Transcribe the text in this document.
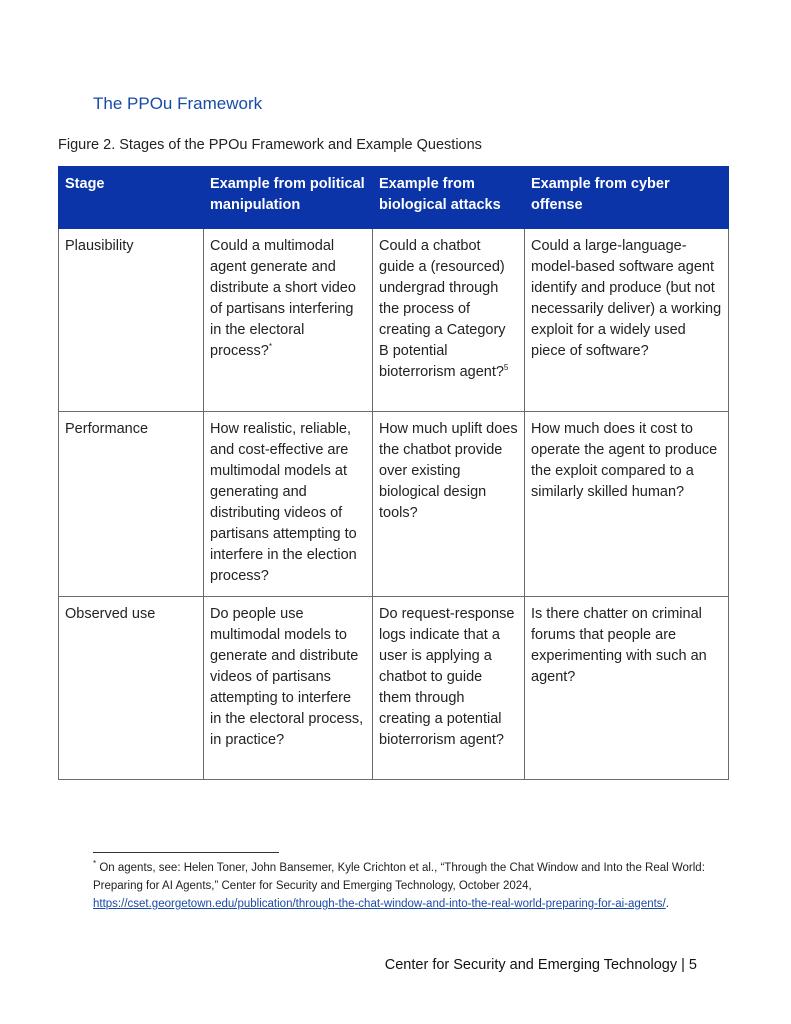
The PPOu Framework
Figure 2. Stages of the PPOu Framework and Example Questions
Stage	Example from political manipulation	Example from biological attacks	Example from cyber offense
Plausibility	Could a multimodal agent generate and distribute a short video of partisans interfering in the electoral process?*	Could a chatbot guide a (resourced) undergrad through the process of creating a Category B potential bioterrorism agent?$^5$	Could a large-language-model-based software agent identify and produce (but not necessarily deliver) a working exploit for a widely used piece of software?
Performance	How realistic, reliable, and cost-effective are multimodal models at generating and distributing videos of partisans attempting to interfere in the election process?	How much uplift does the chatbot provide over existing biological design tools?	How much does it cost to operate the agent to produce the exploit compared to a similarly skilled human?
Observed use	Do people use multimodal models to generate and distribute videos of partisans attempting to interfere in the electoral process, in practice?	Do request-response logs indicate that a user is applying a chatbot to guide them through creating a potential bioterrorism agent?	Is there chatter on criminal forums that people are experimenting with such an agent?
* On agents, see: Helen Toner, John Bansemer, Kyle Crichton et al., “Through the Chat Window and Into the Real World: Preparing for AI Agents,” Center for Security and Emerging Technology, October 2024, https://cset.georgetown.edu/publication/through-the-chat-window-and-into-the-real-world-preparing-for-ai-agents/.
Center for Security and Emerging Technology | 5
